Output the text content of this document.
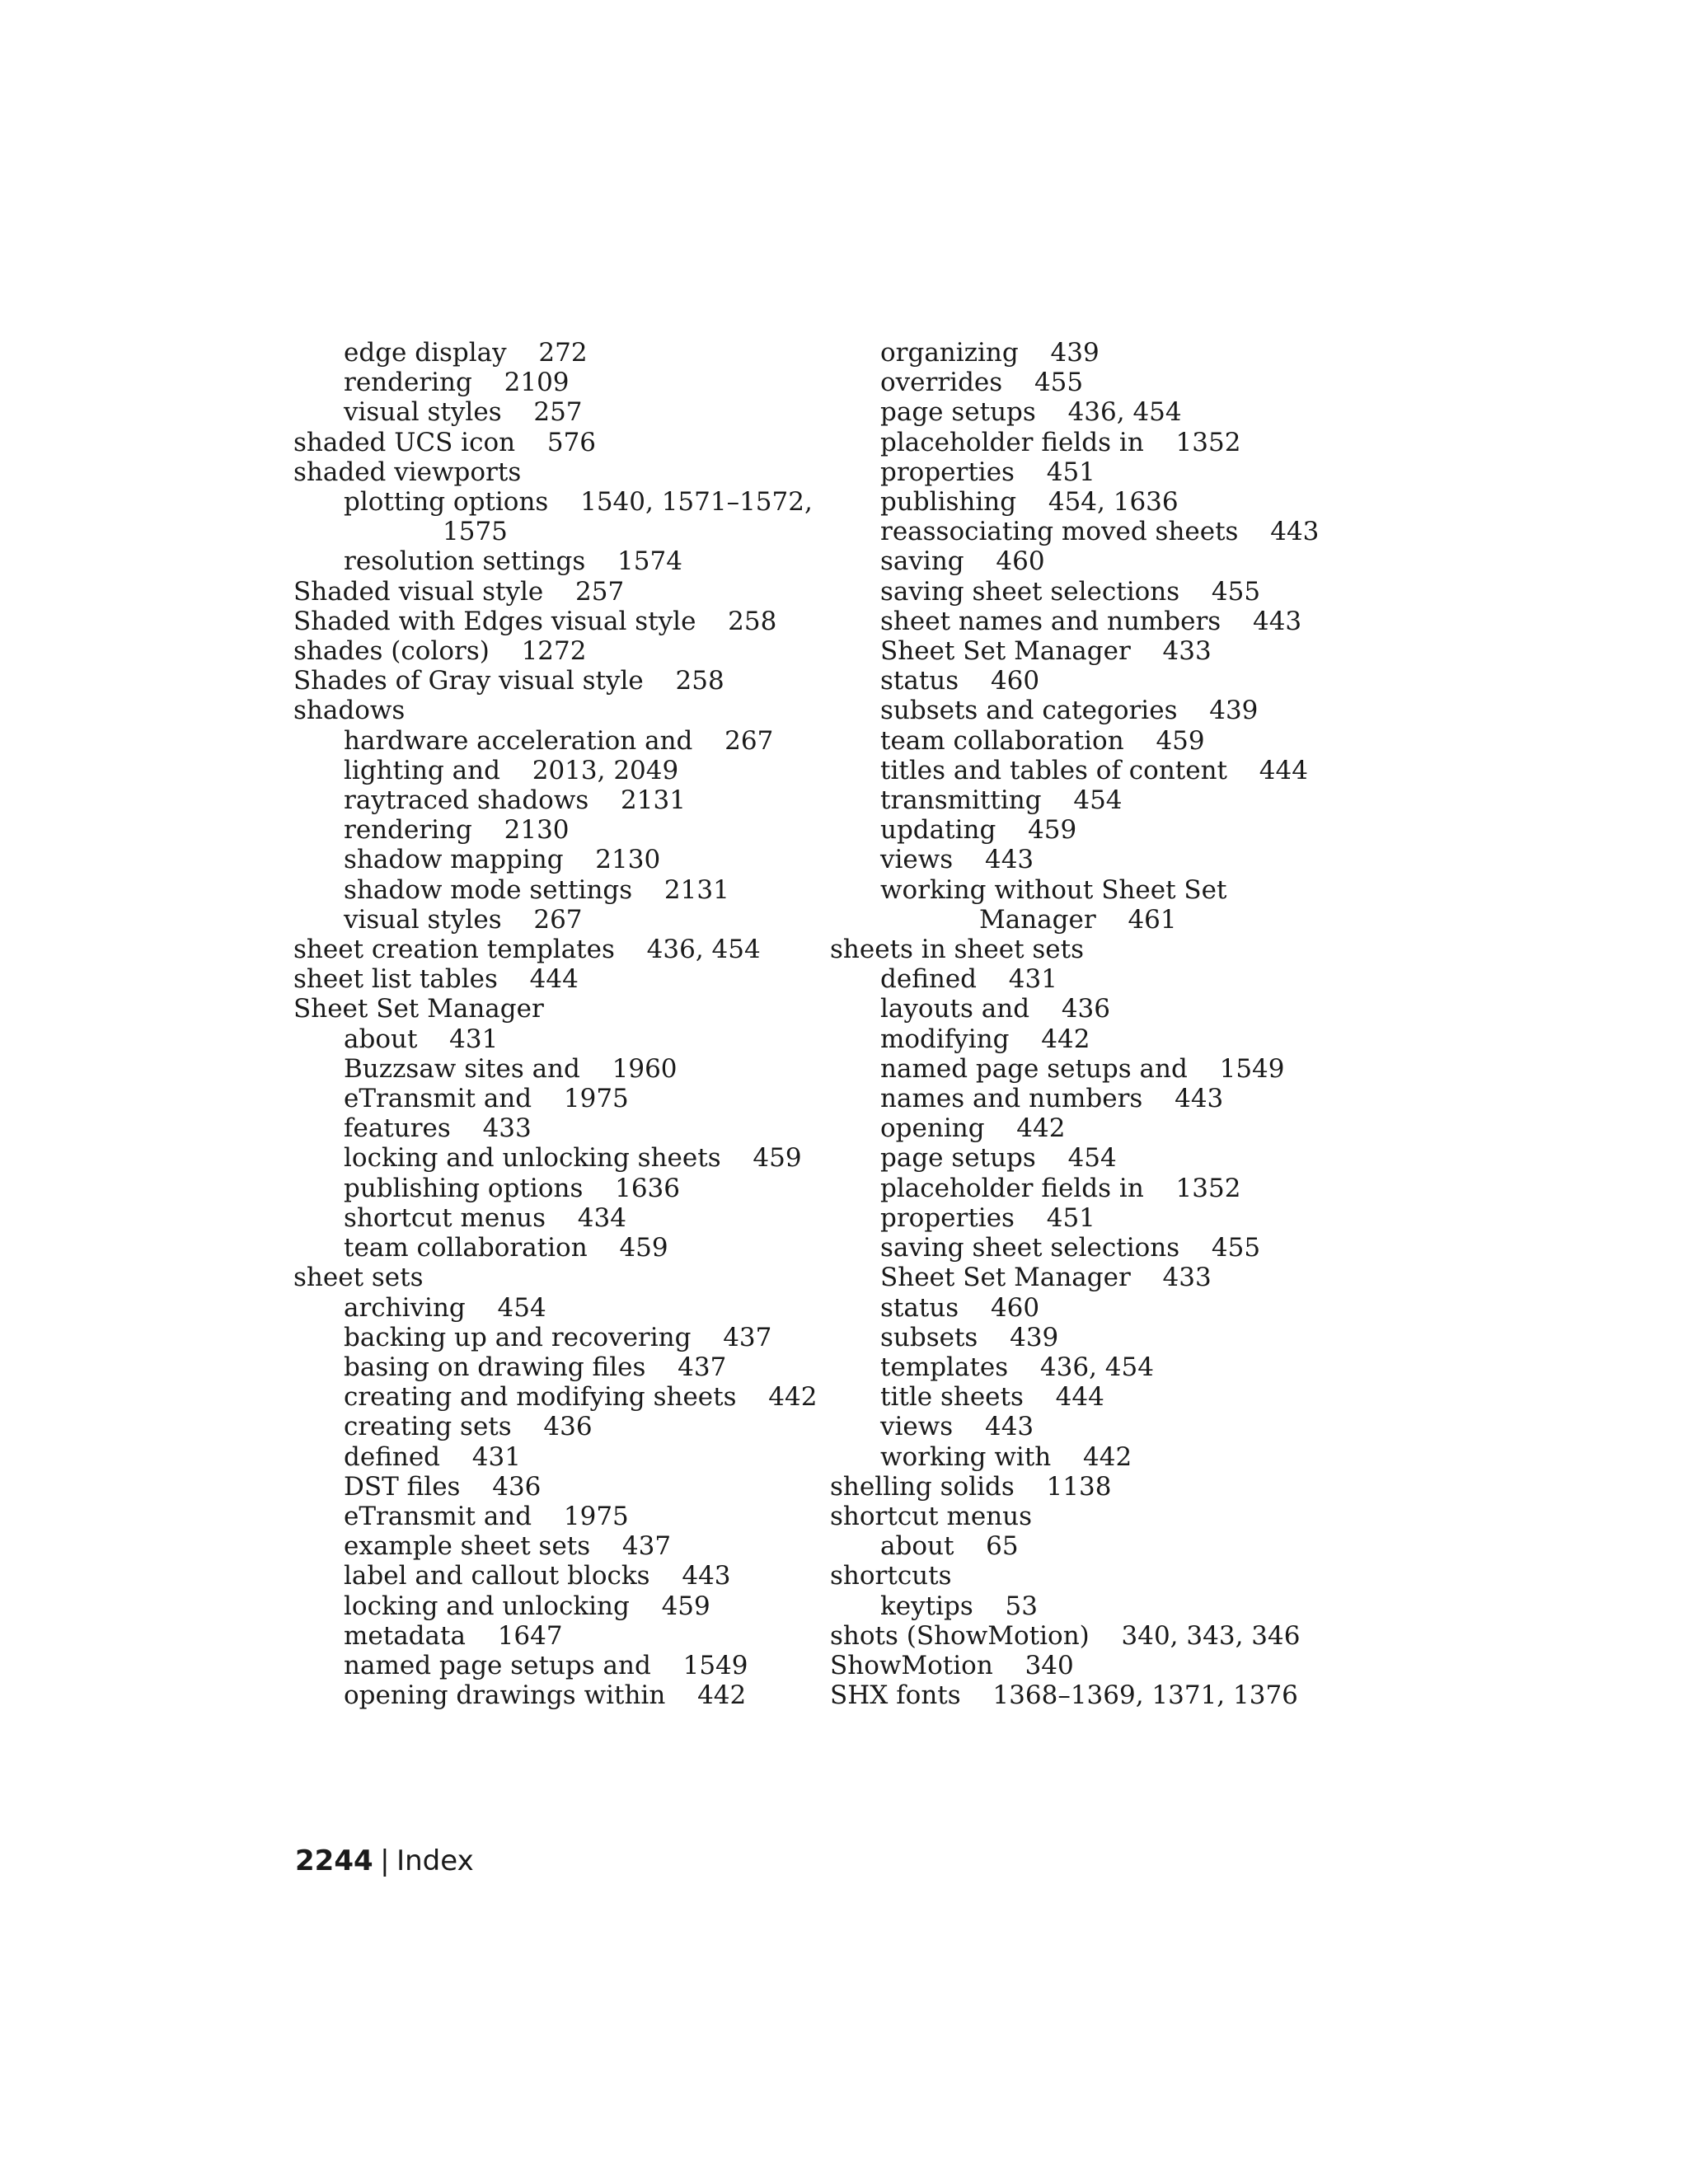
edge display 272
rendering 2109
visual styles 257
shaded UCS icon 576
shaded viewports
plotting options 1540, 1571–1572,
1575
resolution settings 1574
Shaded visual style 257
Shaded with Edges visual style 258
shades (colors) 1272
Shades of Gray visual style 258
shadows
hardware acceleration and 267
lighting and 2013, 2049
raytraced shadows 2131
rendering 2130
shadow mapping 2130
shadow mode settings 2131
visual styles 267
sheet creation templates 436, 454
sheet list tables 444
Sheet Set Manager
about 431
Buzzsaw sites and 1960
eTransmit and 1975
features 433
locking and unlocking sheets 459
publishing options 1636
shortcut menus 434
team collaboration 459
sheet sets
archiving 454
backing up and recovering 437
basing on drawing files 437
creating and modifying sheets 442
creating sets 436
defined 431
DST files 436
eTransmit and 1975
example sheet sets 437
label and callout blocks 443
locking and unlocking 459
metadata 1647
named page setups and 1549
opening drawings within 442
organizing 439
overrides 455
page setups 436, 454
placeholder fields in 1352
properties 451
publishing 454, 1636
reassociating moved sheets 443
saving 460
saving sheet selections 455
sheet names and numbers 443
Sheet Set Manager 433
status 460
subsets and categories 439
team collaboration 459
titles and tables of content 444
transmitting 454
updating 459
views 443
working without Sheet Set
Manager 461
sheets in sheet sets
defined 431
layouts and 436
modifying 442
named page setups and 1549
names and numbers 443
opening 442
page setups 454
placeholder fields in 1352
properties 451
saving sheet selections 455
Sheet Set Manager 433
status 460
subsets 439
templates 436, 454
title sheets 444
views 443
working with 442
shelling solids 1138
shortcut menus
about 65
shortcuts
keytips 53
shots (ShowMotion) 340, 343, 346
ShowMotion 340
SHX fonts 1368–1369, 1371, 1376
2244 | Index
